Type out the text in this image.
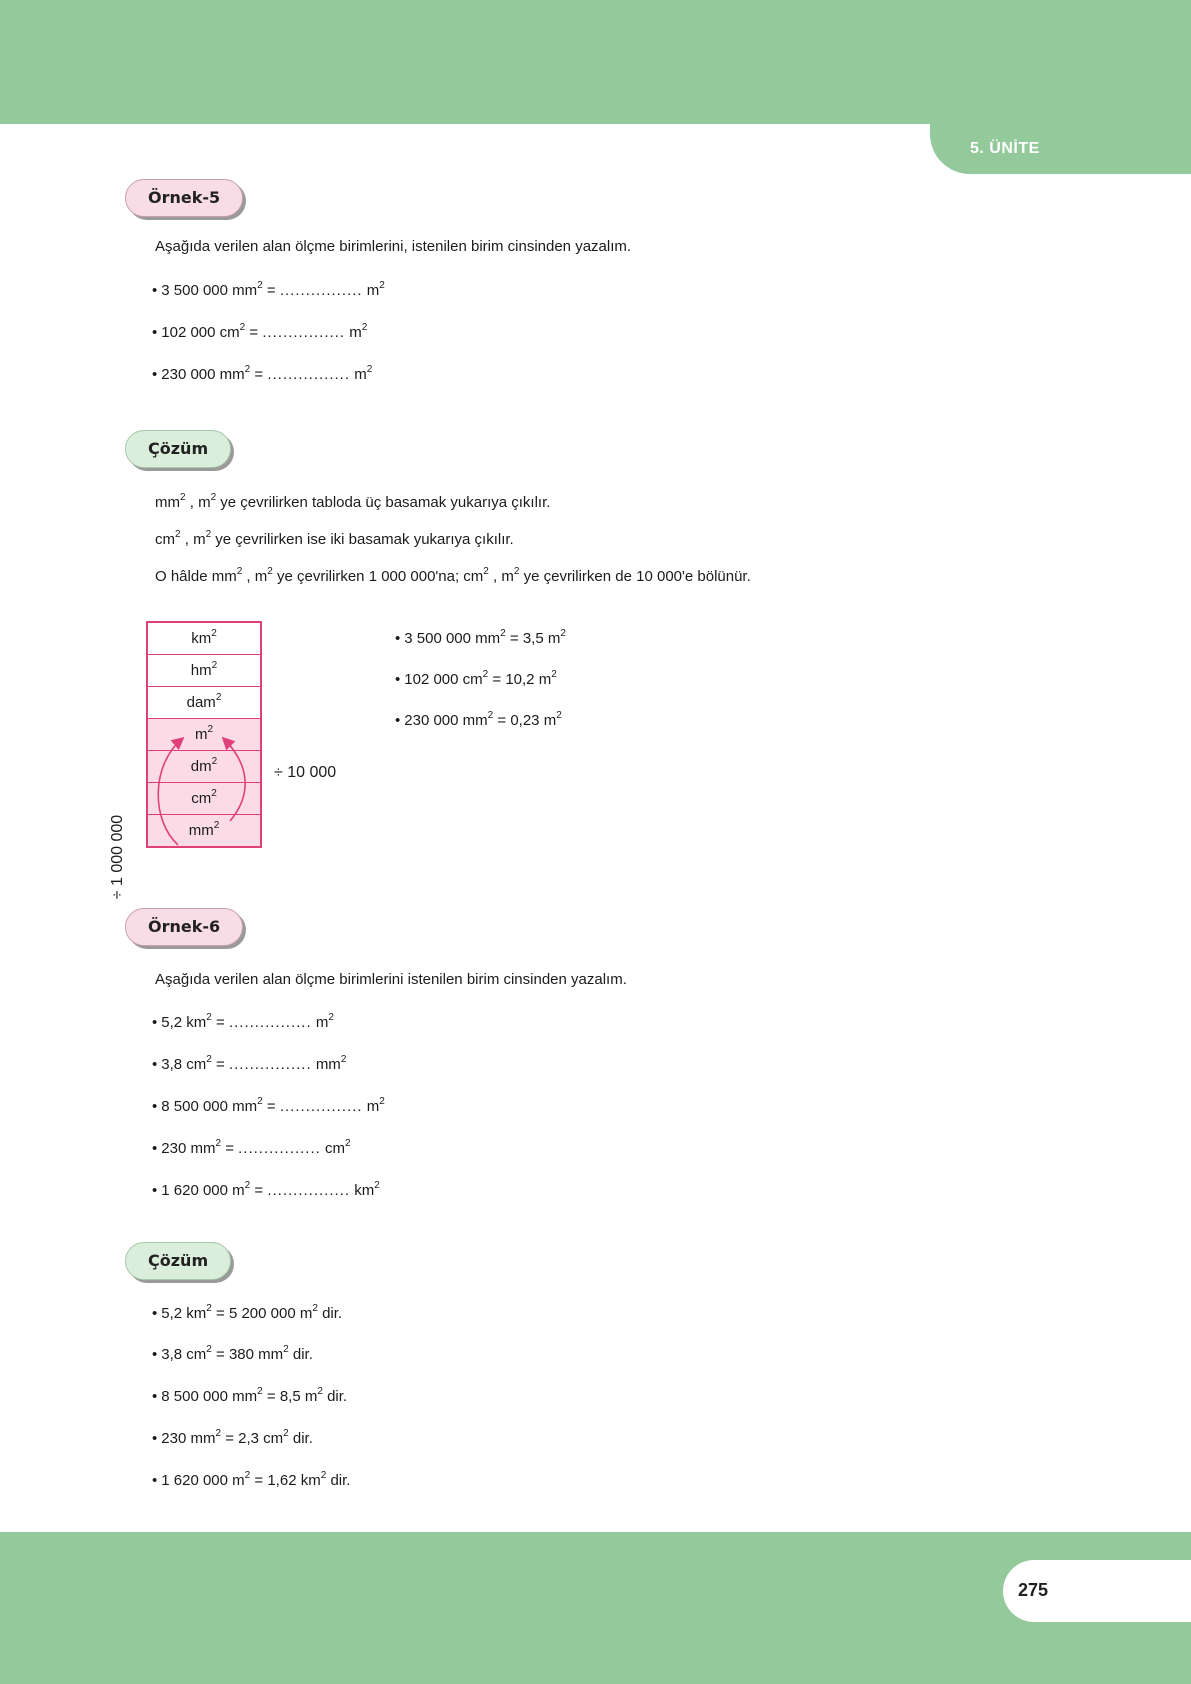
5. ÜNİTE
275
Örnek-5
Aşağıda verilen alan ölçme birimlerini, istenilen birim cinsinden yazalım.
• 3 500 000 $mm^2$ = ................ $m^2$
• 102 000 $cm^2$ = ................ $m^2$
• 230 000 $mm^2$ = ................ $m^2$
Çözüm
$mm^2$ , $m^2$ ye çevrilirken tabloda üç basamak yukarıya çıkılır.
$cm^2$ , $m^2$ ye çevrilirken ise iki basamak yukarıya çıkılır.
O hâlde $mm^2$ , $m^2$ ye çevrilirken 1 000 000'na; $cm^2$ , $m^2$ ye çevrilirken de 10 000'e bölünür.
$km^2$
$hm^2$
dam$^2$
$m^2$
$dm^2$
$cm^2$
$mm^2$
÷ 10 000
÷ 1 000 000
• 3 500 000 $mm^2 = 3,5$ $m^2$
• 102 000 $cm^2 = 10,2$ $m^2$
• 230 000 $mm^2 = 0,23$ $m^2$
Örnek-6
Aşağıda verilen alan ölçme birimlerini istenilen birim cinsinden yazalım.
• 5,2 $km^2$ = ................ $m^2$
• 3,8 $cm^2$ = ................ $mm^2$
• 8 500 000 $mm^2$ = ................ $m^2$
• 230 $mm^2$ = ................ $cm^2$
• 1 620 000 $m^2$ = ................ $km^2$
Çözüm
• 5,2 $km^2 = 5$ 200 000 $m^2$ dir.
• 3,8 $cm^2 = 380$ $mm^2$ dir.
• 8 500 000 $mm^2 = 8,5$ $m^2$ dir.
• 230 $mm^2 = 2,3$ $cm^2$ dir.
• 1 620 000 $m^2 = 1,62$ $km^2$ dir.
